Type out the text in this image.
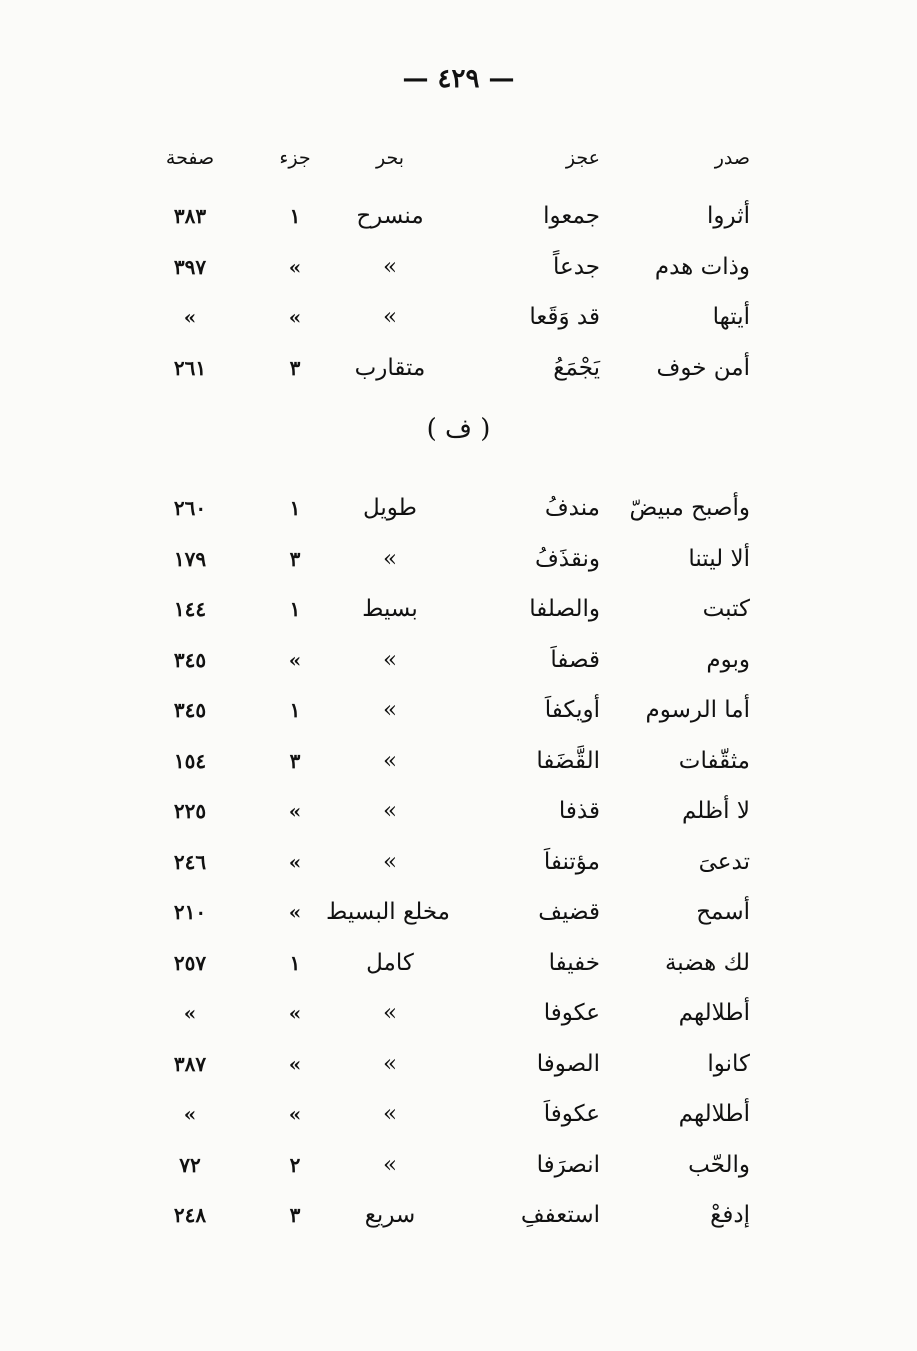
— ٤٢٩ —
صدر
عجز
بحر
جزء
صفحة
أثروا
جمعوا
منسرح
١
٣٨٣
وذات هدم
جدعاً
»
»
٣٩٧
أيتها
قد وَقَعا
»
»
»
أمن خوف
يَجْمَعُ
متقارب
٣
٢٦١
وأصبح مبيضّ
مندفُ
طويل
١
٢٦٠
ألا ليتنا
ونقذَفُ
»
٣
١٧٩
كتبت
والصلفا
بسيط
١
١٤٤
وبوم
قصفاَ
»
»
٣٤٥
أما الرسوم
أويكفاَ
»
١
٣٤٥
مثقّفات
القَّضَفا
»
٣
١٥٤
لا أظلم
قذفا
»
»
٢٢٥
تدعىَ
مؤتنفاَ
»
»
٢٤٦
أسمح
قضيف
مخلع البسيط
»
٢١٠
لك هضبة
خفيفا
كامل
١
٢٥٧
أطلالهم
عكوفا
»
»
»
كانوا
الصوفا
»
»
٣٨٧
أطلالهم
عكوفاَ
»
»
»
والحّب
انصرَفا
»
٢
٧٢
إدفعْ
استعففِ
سريع
٣
٢٤٨
( ف )
